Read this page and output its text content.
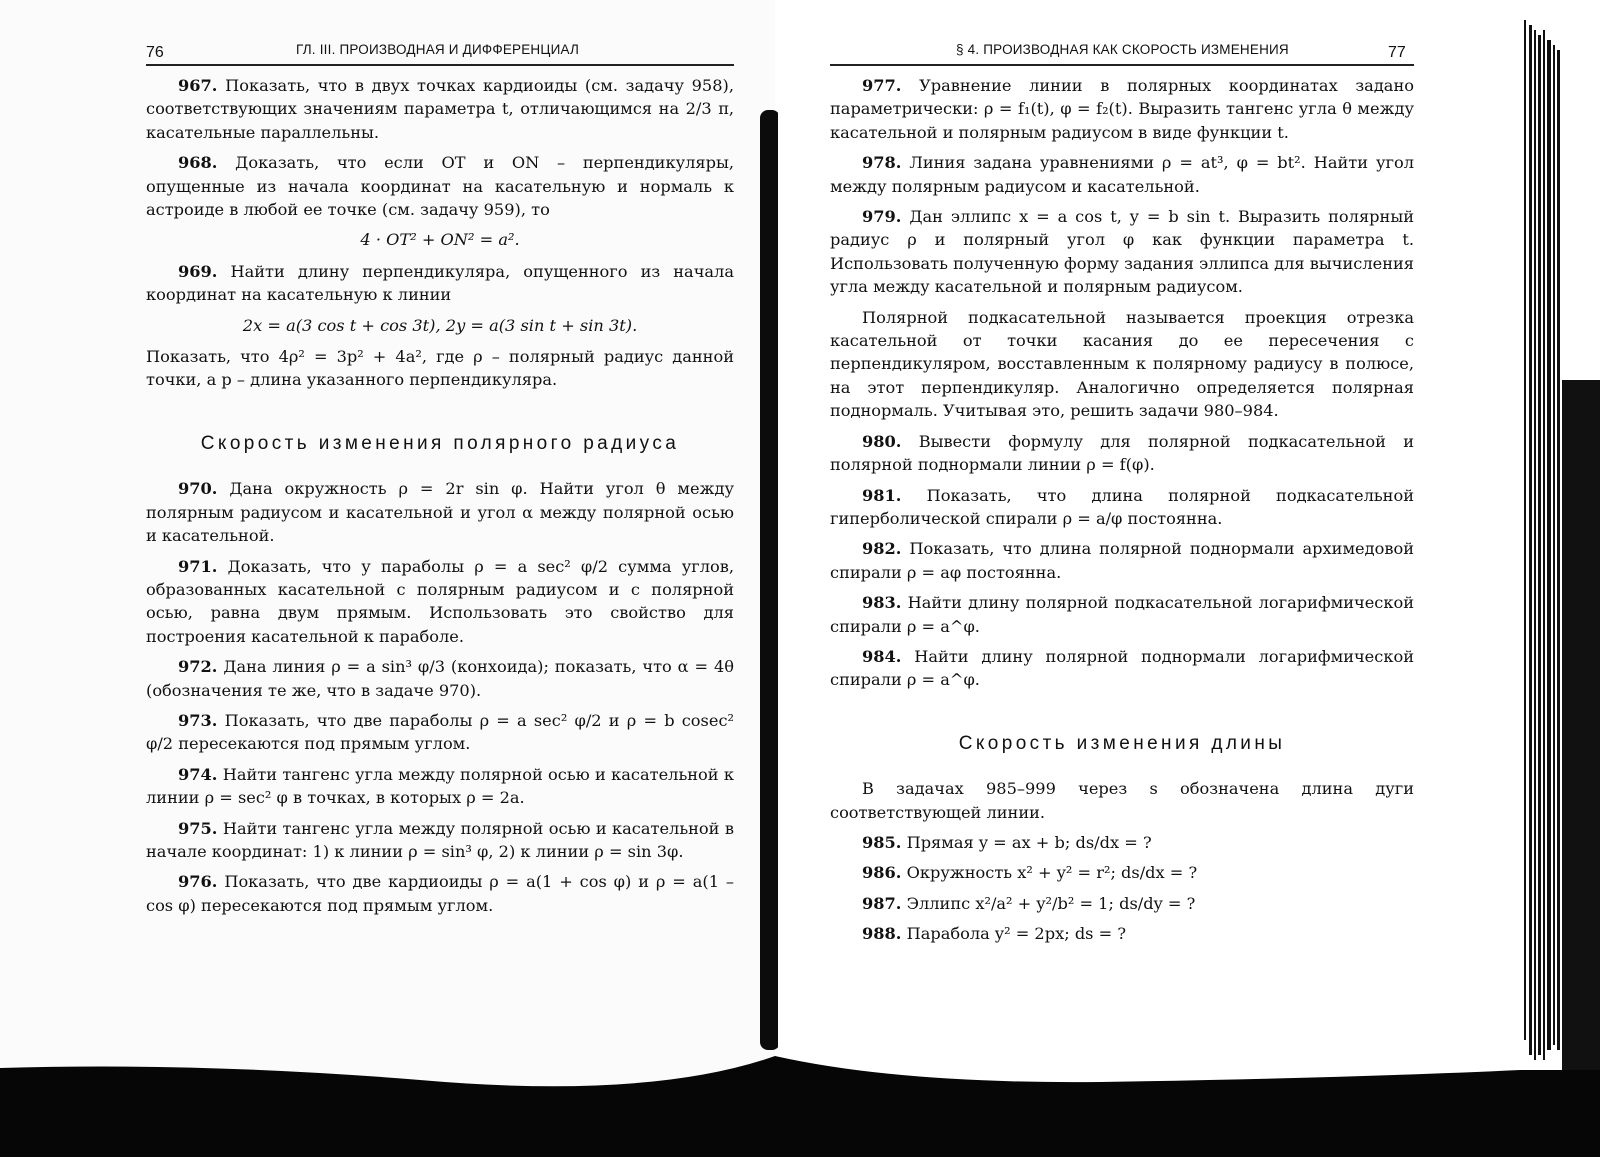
76	ГЛ. III. ПРОИЗВОДНАЯ И ДИФФЕРЕНЦИАЛ

967. Показать, что в двух точках кардиоиды (см. задачу 958), соответствующих значениям параметра t, отличающимся на 2/3 π, касательные параллельны.

968. Доказать, что если OT и ON – перпендикуляры, опущенные из начала координат на касательную и нормаль к астроиде в любой ее точке (см. задачу 959), то

4 · OT² + ON² = a².

969. Найти длину перпендикуляра, опущенного из начала координат на касательную к линии

2x = a(3 cos t + cos 3t), 2y = a(3 sin t + sin 3t).

Показать, что 4ρ² = 3p² + 4a², где ρ – полярный радиус данной точки, а p – длина указанного перпендикуляра.

Скорость изменения полярного радиуса

970. Дана окружность ρ = 2r sin φ. Найти угол θ между полярным радиусом и касательной и угол α между полярной осью и касательной.

971. Доказать, что у параболы ρ = a sec² φ/2 сумма углов, образованных касательной с полярным радиусом и с полярной осью, равна двум прямым. Использовать это свойство для построения касательной к параболе.

972. Дана линия ρ = a sin³ φ/3 (конхоида); показать, что α = 4θ (обозначения те же, что в задаче 970).

973. Показать, что две параболы ρ = a sec² φ/2 и ρ = b cosec² φ/2 пересекаются под прямым углом.

974. Найти тангенс угла между полярной осью и касательной к линии ρ = sec² φ в точках, в которых ρ = 2a.

975. Найти тангенс угла между полярной осью и касательной в начале координат: 1) к линии ρ = sin³ φ, 2) к линии ρ = sin 3φ.

976. Показать, что две кардиоиды ρ = a(1 + cos φ) и ρ = a(1 – cos φ) пересекаются под прямым углом.

§ 4. ПРОИЗВОДНАЯ КАК СКОРОСТЬ ИЗМЕНЕНИЯ	77

977. Уравнение линии в полярных координатах задано параметрически: ρ = f₁(t), φ = f₂(t). Выразить тангенс угла θ между касательной и полярным радиусом в виде функции t.

978. Линия задана уравнениями ρ = at³, φ = bt². Найти угол между полярным радиусом и касательной.

979. Дан эллипс x = a cos t, y = b sin t. Выразить полярный радиус ρ и полярный угол φ как функции параметра t. Использовать полученную форму задания эллипса для вычисления угла между касательной и полярным радиусом.

Полярной подкасательной называется проекция отрезка касательной от точки касания до ее пересечения с перпендикуляром, восставленным к полярному радиусу в полюсе, на этот перпендикуляр. Аналогично определяется полярная поднормаль. Учитывая это, решить задачи 980–984.

980. Вывести формулу для полярной подкасательной и полярной поднормали линии ρ = f(φ).

981. Показать, что длина полярной подкасательной гиперболической спирали ρ = a/φ постоянна.

982. Показать, что длина полярной поднормали архимедовой спирали ρ = aφ постоянна.

983. Найти длину полярной подкасательной логарифмической спирали ρ = a^φ.

984. Найти длину полярной поднормали логарифмической спирали ρ = a^φ.

Скорость изменения длины

В задачах 985–999 через s обозначена длина дуги соответствующей линии.

985. Прямая y = ax + b; ds/dx = ?

986. Окружность x² + y² = r²; ds/dx = ?

987. Эллипс x²/a² + y²/b² = 1; ds/dy = ?

988. Парабола y² = 2px; ds = ?
